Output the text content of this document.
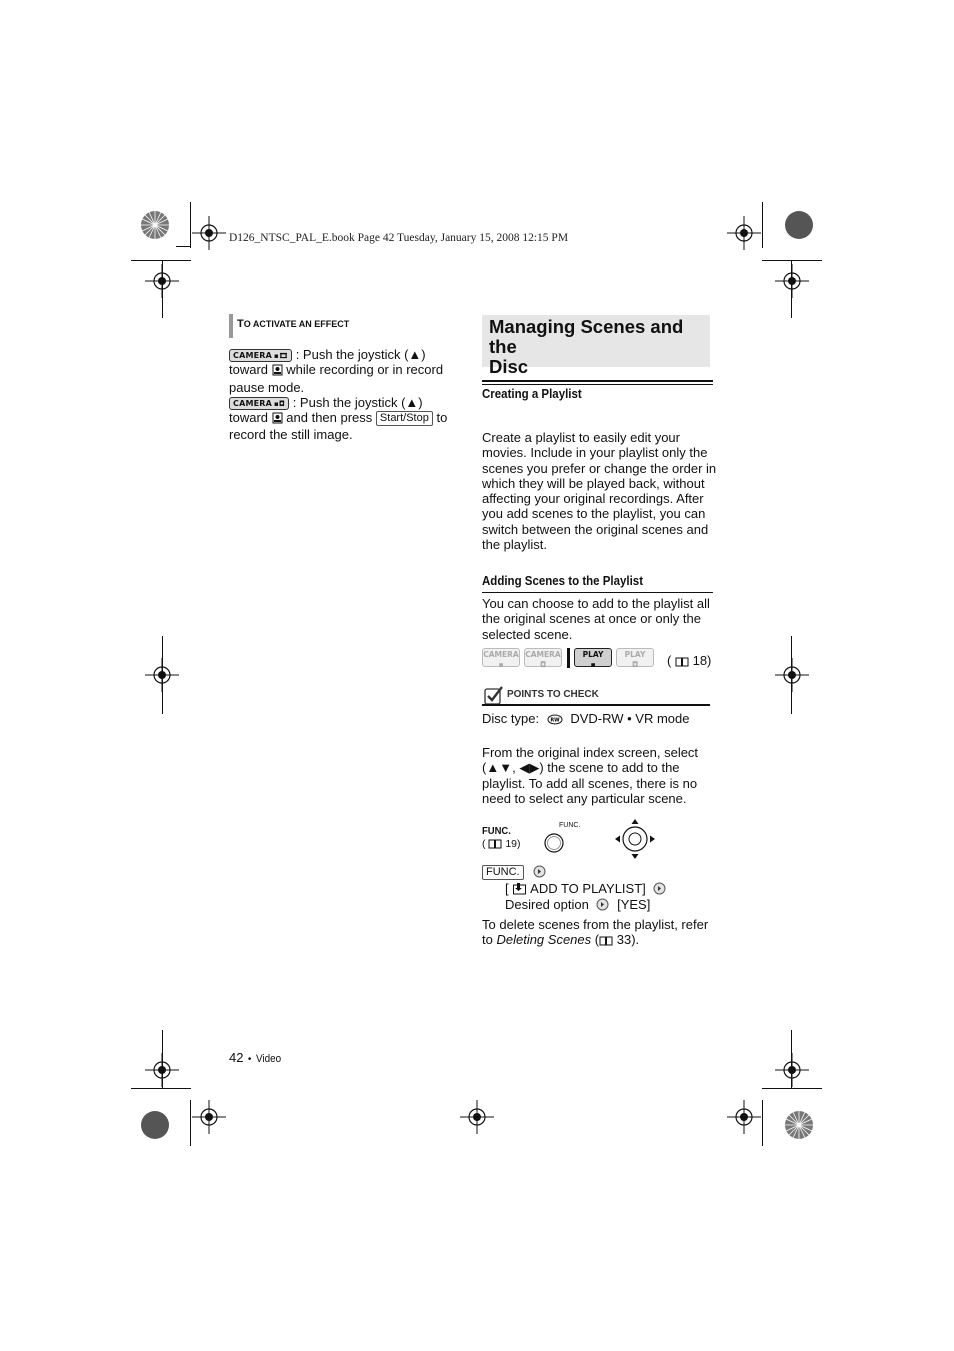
D126_NTSC_PAL_E.book Page 42 Tuesday, January 15, 2008 12:15 PM
TO ACTIVATE AN EFFECT
CAMERA ▪🎞 : Push the joystick (▲)
toward while recording or in record
pause mode.
CAMERA ▪◘ : Push the joystick (▲)
toward and then press Start/Stop to
record the still image.
Managing Scenes and the
Disc
Creating a Playlist
Create a playlist to easily edit your
movies. Include in your playlist only the
scenes you prefer or change the order in
which they will be played back, without
affecting your original recordings. After
you add scenes to the playlist, you can
switch between the original scenes and
the playlist.
Adding Scenes to the Playlist
You can choose to add to the playlist all
the original scenes at once or only the
selected scene.
CAMERA
▪
CAMERA
◘
PLAY
▪
PLAY
◘	( 18)
POINTS TO CHECK
Disc type: RW DVD-RW • VR mode
From the original index screen, select
(▲▼, ◀▶) the scene to add to the
playlist. To add all scenes, there is no
need to select any particular scene.
FUNC.
( 19)
FUNC.
FUNC.
[ ADD TO PLAYLIST]
Desired option [YES]
To delete scenes from the playlist, refer
to Deleting Scenes ( 33).
42 • Video
